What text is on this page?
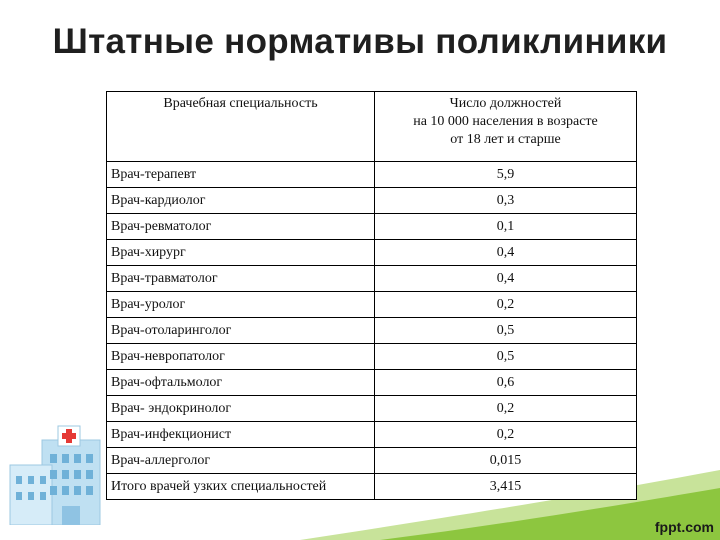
Штатные нормативы поликлиники
Врачебная специальность	Число должностей
на 10 000 населения в возрасте
от 18 лет и старше

Врач-терапевт	5,9
Врач-кардиолог	0,3
Врач-ревматолог	0,1
Врач-хирург	0,4
Врач-травматолог	0,4
Врач-уролог	0,2
Врач-отоларинголог	0,5
Врач-невропатолог	0,5
Врач-офтальмолог	0,6
Врач- эндокринолог	0,2
Врач-инфекционист	0,2
Врач-аллерголог	0,015
Итого врачей узких специальностей	3,415
fppt.com
